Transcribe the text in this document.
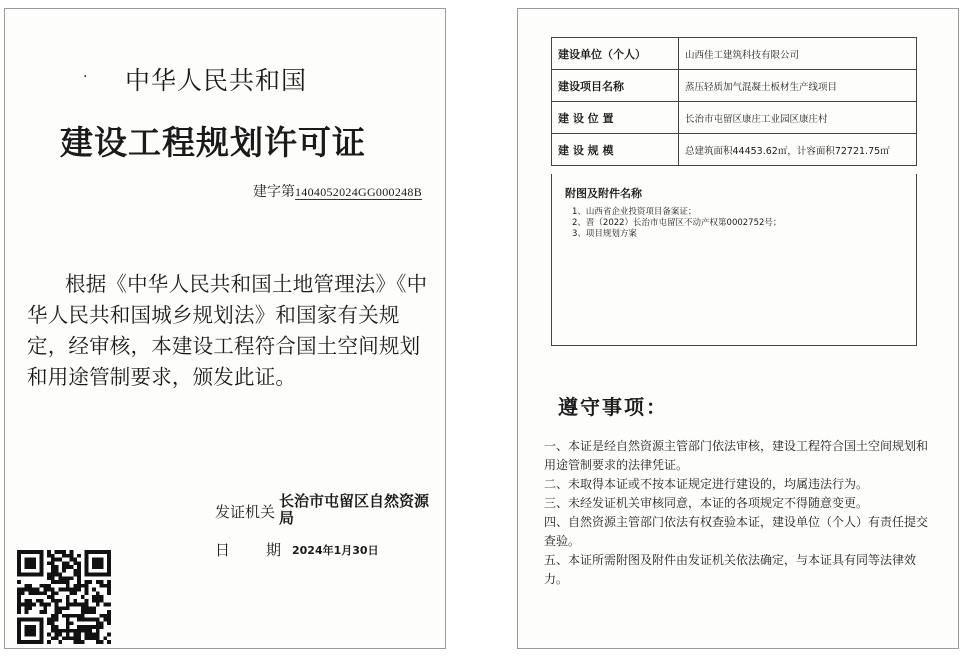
· 中华人民共和国
建设工程规划许可证
建字第1404052024GG000248B
根据《中华人民共和国土地管理法》《中华人民共和国城乡规划法》和国家有关规定，经审核，本建设工程符合国土空间规划和用途管制要求，颁发此证。
发证机关
长治市屯留区自然资源局
日期
2024年1月30日
建设单位（个人）	山西佳工建筑科技有限公司
建设项目名称	蒸压轻质加气混凝土板材生产线项目
建 设 位 置	长治市屯留区康庄工业园区康庄村
建 设 规 模	总建筑面积44453.62㎡，计容面积72721.75㎡
附图及附件名称
1、山西省企业投资项目备案证；
2、晋（2022）长治市屯留区不动产权第0002752号；
3、项目规划方案
遵守事项：
一、本证是经自然资源主管部门依法审核，建设工程符合国土空间规划和用途管制要求的法律凭证。
二、未取得本证或不按本证规定进行建设的，均属违法行为。
三、未经发证机关审核同意，本证的各项规定不得随意变更。
四、自然资源主管部门依法有权查验本证，建设单位（个人）有责任提交查验。
五、本证所需附图及附件由发证机关依法确定，与本证具有同等法律效力。
